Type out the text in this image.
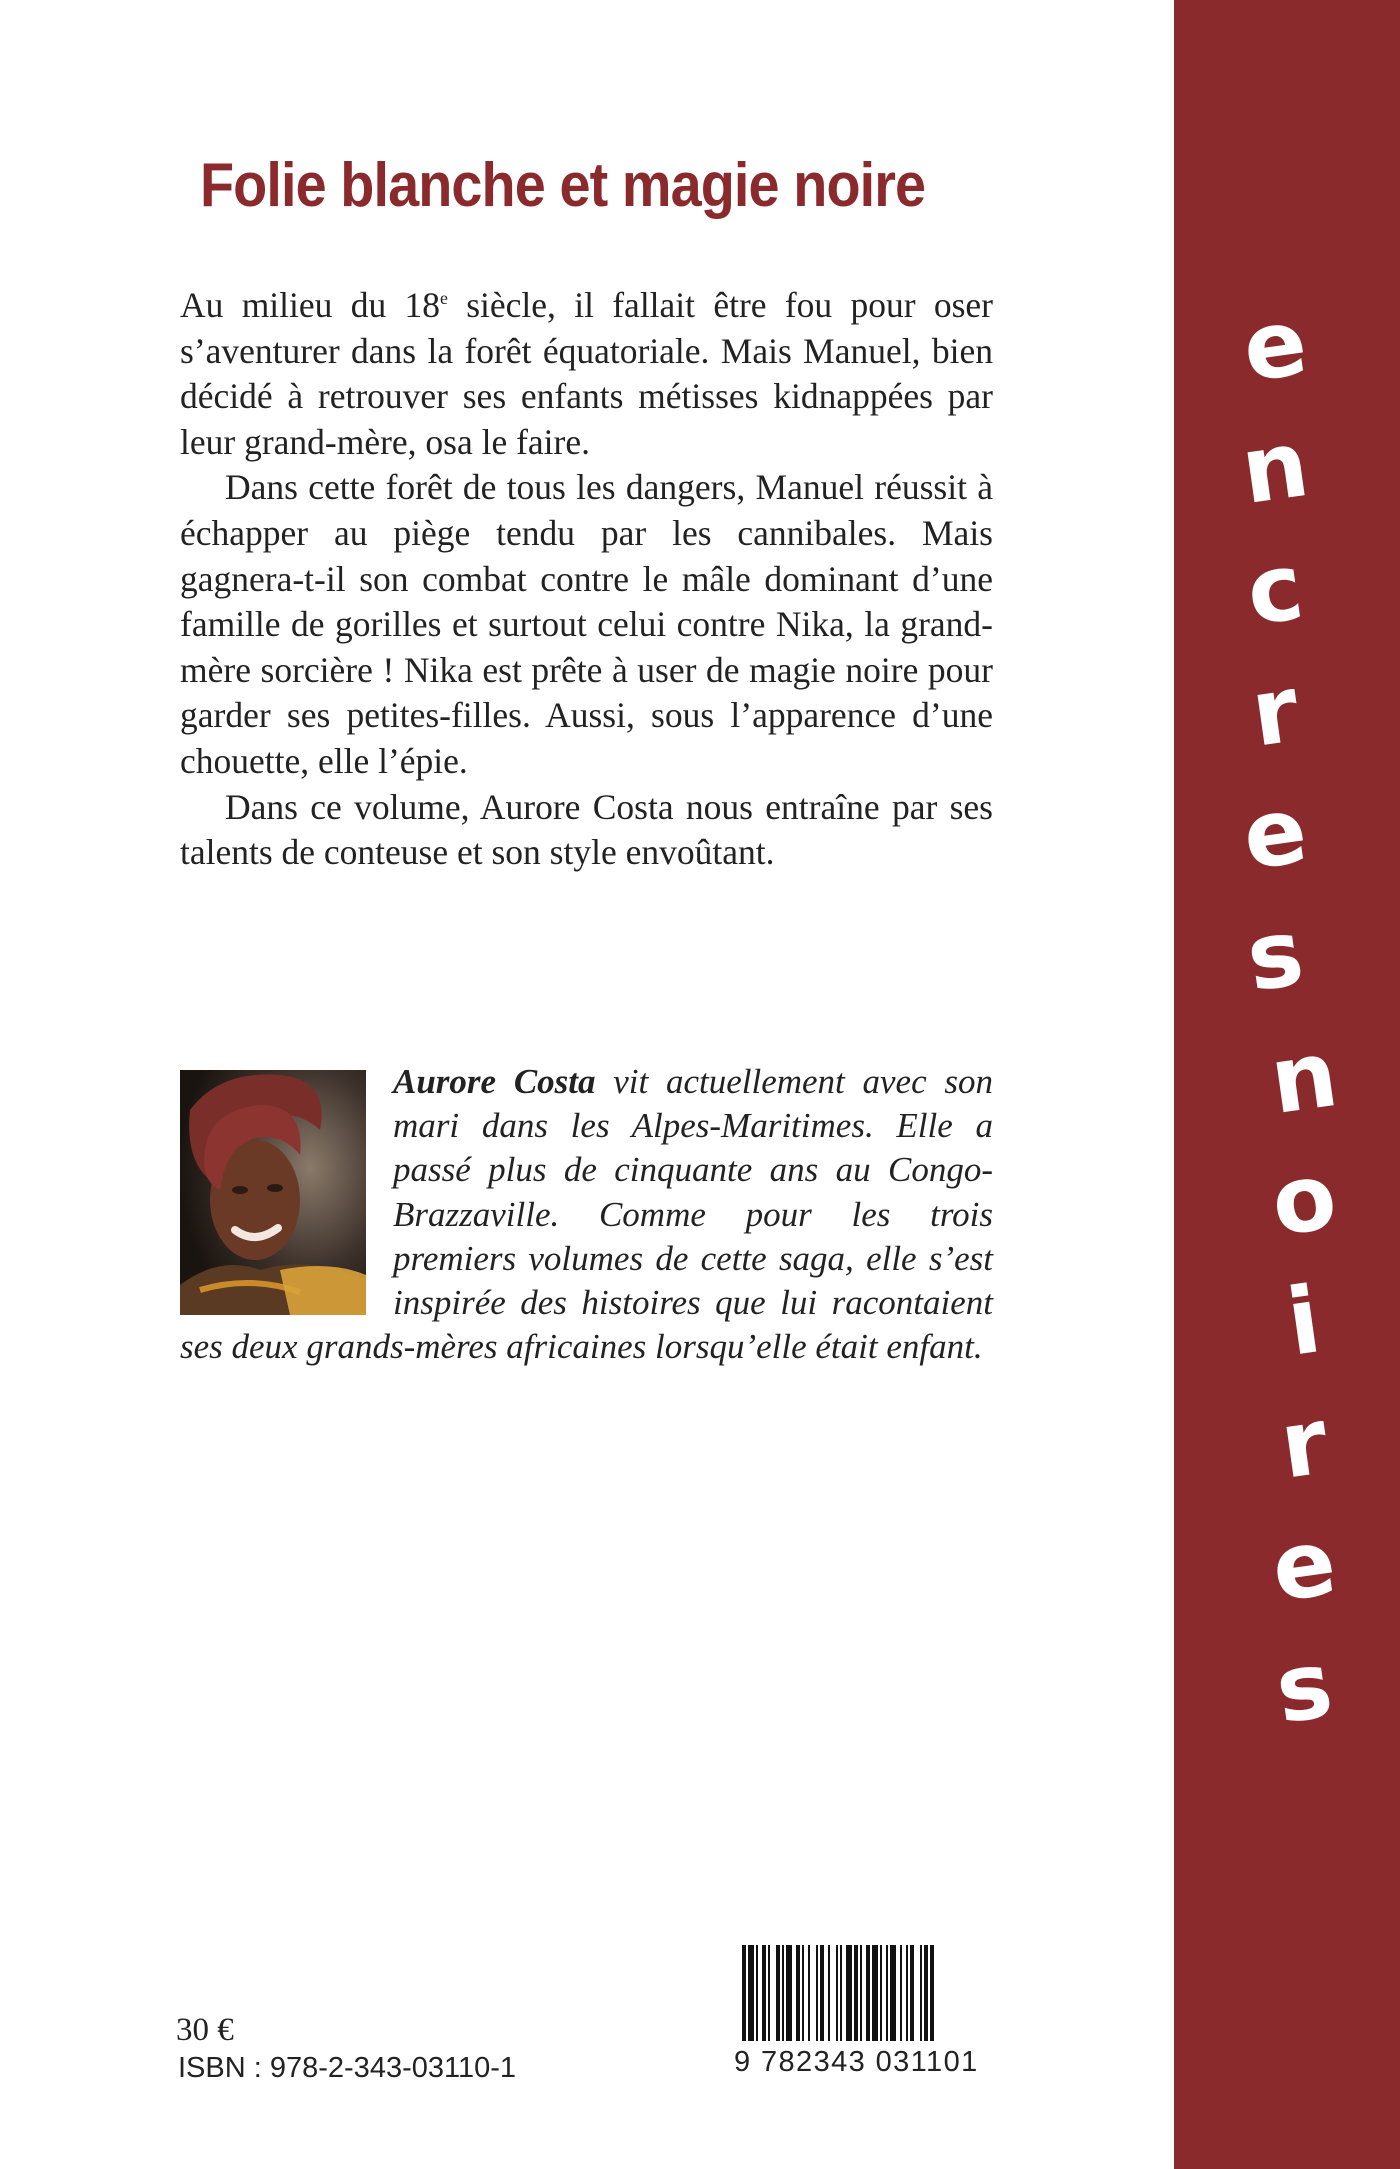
Folie blanche et magie noire

Au milieu du 18e siècle, il fallait être fou pour oser s’aventurer dans la forêt équatoriale. Mais Manuel, bien décidé à retrouver ses enfants métisses kidnappées par leur grand-mère, osa le faire.

Dans cette forêt de tous les dangers, Manuel réussit à échapper au piège tendu par les cannibales. Mais gagnera-t-il son combat contre le mâle dominant d’une famille de gorilles et surtout celui contre Nika, la grand-mère sorcière ! Nika est prête à user de magie noire pour garder ses petites-filles. Aussi, sous l’apparence d’une chouette, elle l’épie.

Dans ce volume, Aurore Costa nous entraîne par ses talents de conteuse et son style envoûtant.

Aurore Costa vit actuellement avec son mari dans les Alpes-Maritimes. Elle a passé plus de cinquante ans au Congo-Brazzaville. Comme pour les trois premiers volumes de cette saga, elle s’est inspirée des histoires que lui racontaient ses deux grands-mères africaines lorsqu’elle était enfant.
30 €
ISBN : 978-2-343-03110-1	9 782343 031101
e
n
c
r
e
s
n
o
i
r
e
s
